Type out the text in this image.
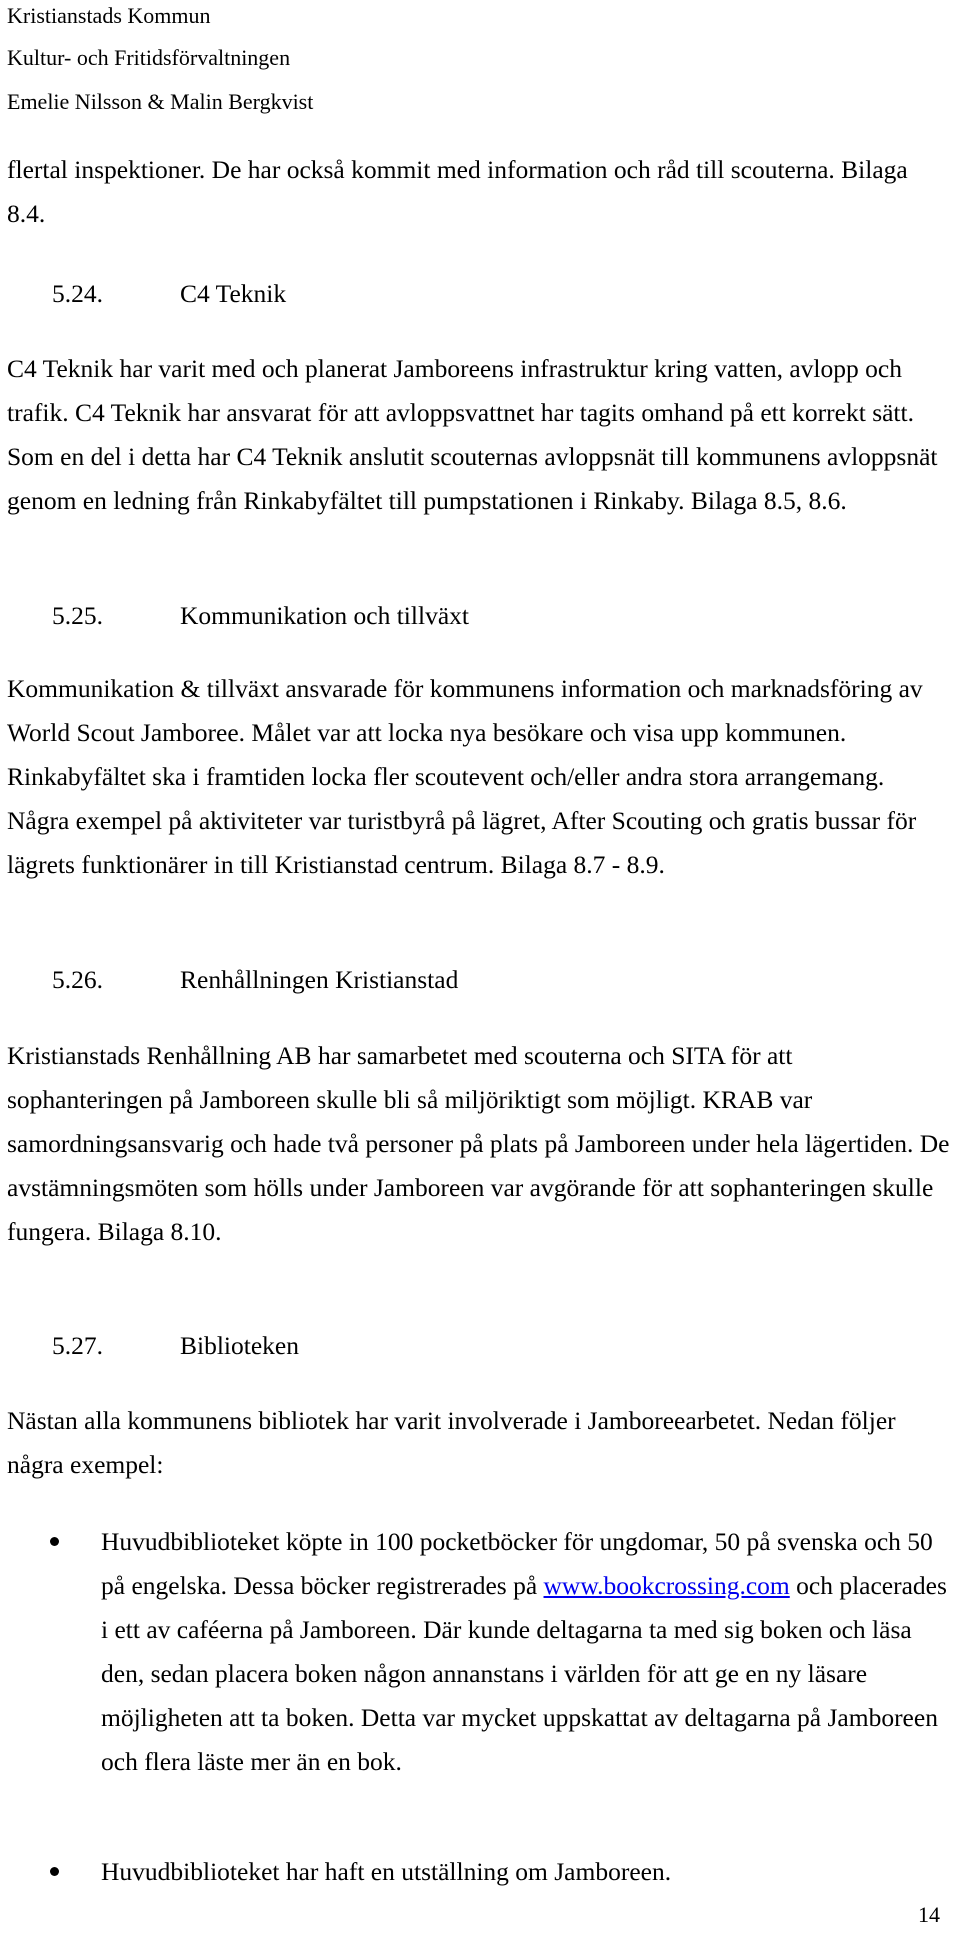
Kristianstads Kommun
Kultur- och Fritidsförvaltningen
Emelie Nilsson & Malin Bergkvist

flertal inspektioner. De har också kommit med information och råd till scouterna. Bilaga 8.4.

5.24.	C4 Teknik

C4 Teknik har varit med och planerat Jamboreens infrastruktur kring vatten, avlopp och trafik. C4 Teknik har ansvarat för att avloppsvattnet har tagits omhand på ett korrekt sätt. Som en del i detta har C4 Teknik anslutit scouternas avloppsnät till kommunens avloppsnät genom en ledning från Rinkabyfältet till pumpstationen i Rinkaby. Bilaga 8.5, 8.6.

5.25.	Kommunikation och tillväxt

Kommunikation & tillväxt ansvarade för kommunens information och marknadsföring av World Scout Jamboree. Målet var att locka nya besökare och visa upp kommunen. Rinkabyfältet ska i framtiden locka fler scoutevent och/eller andra stora arrangemang. Några exempel på aktiviteter var turistbyrå på lägret, After Scouting och gratis bussar för lägrets funktionärer in till Kristianstad centrum. Bilaga 8.7 - 8.9.

5.26.	Renhållningen Kristianstad

Kristianstads Renhållning AB har samarbetet med scouterna och SITA för att sophanteringen på Jamboreen skulle bli så miljöriktigt som möjligt. KRAB var samordningsansvarig och hade två personer på plats på Jamboreen under hela lägertiden. De avstämningsmöten som hölls under Jamboreen var avgörande för att sophanteringen skulle fungera. Bilaga 8.10.

5.27.	Biblioteken

Nästan alla kommunens bibliotek har varit involverade i Jamboreearbetet. Nedan följer några exempel:

Huvudbiblioteket köpte in 100 pocketböcker för ungdomar, 50 på svenska och 50 på engelska. Dessa böcker registrerades på www.bookcrossing.com och placerades i ett av caféerna på Jamboreen. Där kunde deltagarna ta med sig boken och läsa den, sedan placera boken någon annanstans i världen för att ge en ny läsare möjligheten att ta boken. Detta var mycket uppskattat av deltagarna på Jamboreen och flera läste mer än en bok.
Huvudbiblioteket har haft en utställning om Jamboreen.
14
